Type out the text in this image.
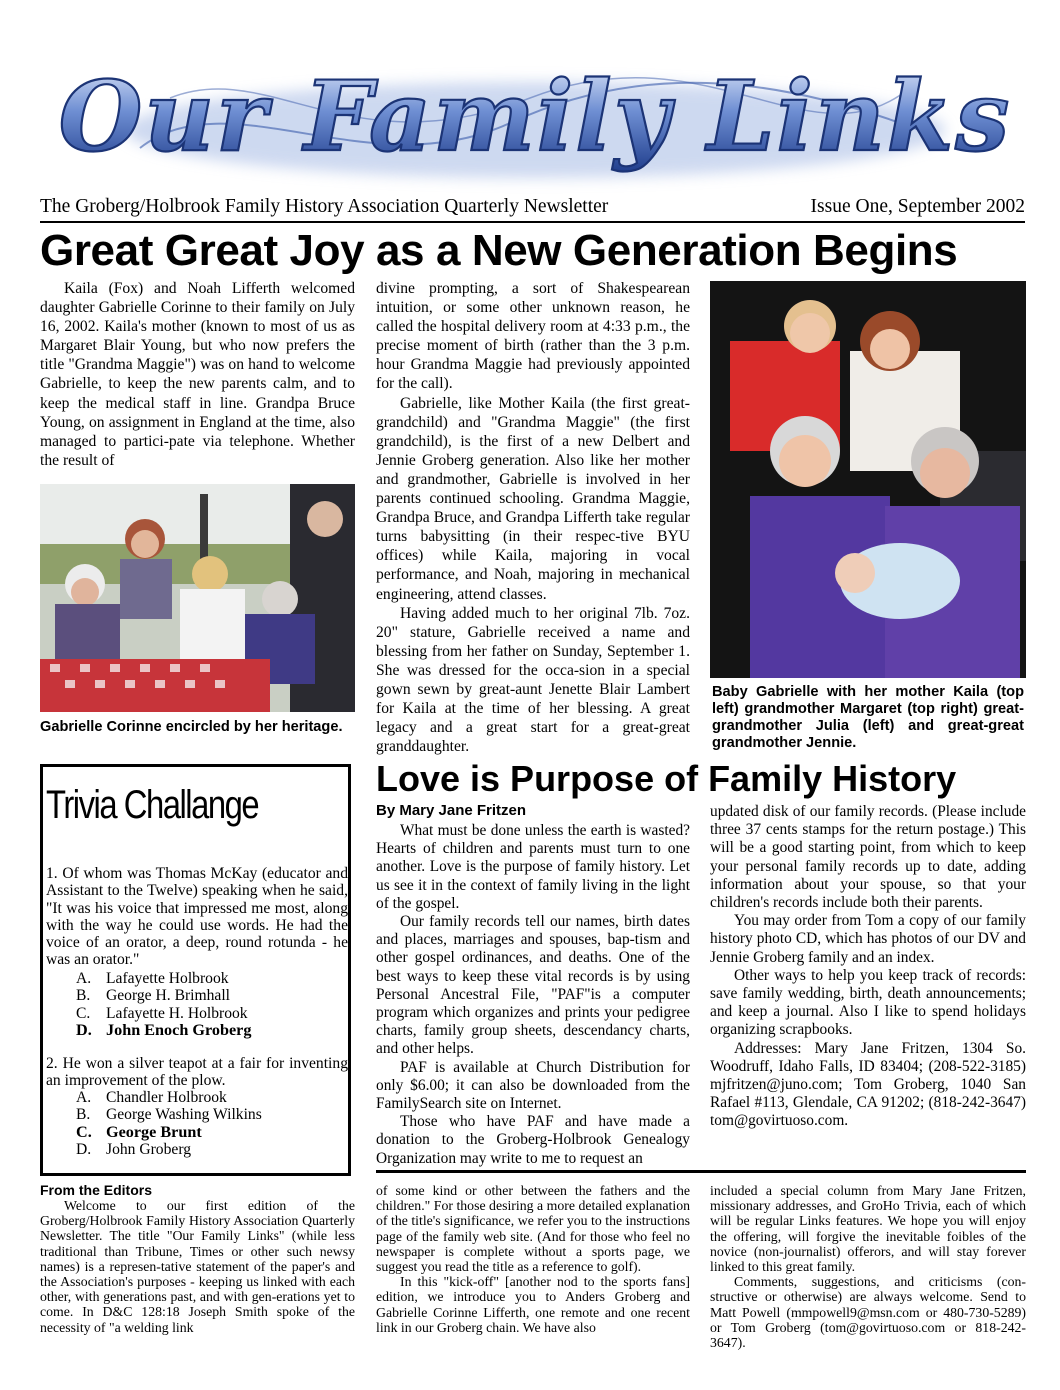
Our Family Links
The Groberg/Holbrook Family History Association Quarterly Newsletter	Issue One, September 2002
Great Great Joy as a New Generation Begins

Kaila (Fox) and Noah Lifferth welcomed daughter Gabrielle Corinne to their family on July 16, 2002. Kaila's mother (known to most of us as Margaret Blair Young, but who now prefers the title "Grandma Maggie") was on hand to welcome Gabrielle, to keep the new parents calm, and to keep the medical staff in line. Grandpa Bruce Young, on assignment in England at the time, also managed to partici-pate via telephone. Whether the result of

divine prompting, a sort of Shakespearean intuition, or some other unknown reason, he called the hospital delivery room at 4:33 p.m., the precise moment of birth (rather than the 3 p.m. hour Grandma Maggie had previously appointed for the call).

Gabrielle, like Mother Kaila (the first great-grandchild) and "Grandma Maggie" (the first grandchild), is the first of a new Delbert and Jennie Groberg generation. Also like her mother and grandmother, Gabrielle is involved in her parents continued schooling. Grandma Maggie, Grandpa Bruce, and Grandpa Lifferth take regular turns babysitting (in their respec-tive BYU offices) while Kaila, majoring in vocal performance, and Noah, majoring in mechanical engineering, attend classes.

Having added much to her original 7lb. 7oz. 20" stature, Gabrielle received a name and blessing from her father on Sunday, September 1. She was dressed for the occa-sion in a special gown sewn by great-aunt Jenette Blair Lambert for Kaila at the time of her blessing. A great legacy and a great start for a great-great granddaughter.

Gabrielle Corinne encircled by her heritage.
Baby Gabrielle with her mother Kaila (top left) grandmother Margaret (top right) great-grandmother Julia (left) and great-great grandmother Jennie.
Trivia Challange
1. Of whom was Thomas McKay (educator and Assistant to the Twelve) speaking when he said, "It was his voice that impressed me most, along with the way he could use words. He had the voice of an orator, a deep, round rotunda - he was an orator."
A. Lafayette Holbrook
B. George H. Brimhall
C. Lafayette H. Holbrook
D. John Enoch Groberg
2. He won a silver teapot at a fair for inventing an improvement of the plow.
A. Chandler Holbrook
B. George Washing Wilkins
C. George Brunt
D. John Groberg
Love is Purpose of Family History
By Mary Jane Fritzen

What must be done unless the earth is wasted? Hearts of children and parents must turn to one another. Love is the purpose of family history. Let us see it in the context of family living in the light of the gospel.

Our family records tell our names, birth dates and places, marriages and spouses, bap-tism and other gospel ordinances, and deaths. One of the best ways to keep these vital records is by using Personal Ancestral File, "PAF"is a computer program which organizes and prints your pedigree charts, family group sheets, descendancy charts, and other helps.

PAF is available at Church Distribution for only $6.00; it can also be downloaded from the FamilySearch site on Internet.

Those who have PAF and have made a donation to the Groberg-Holbrook Genealogy Organization may write to me to request an

updated disk of our family records. (Please include three 37 cents stamps for the return postage.) This will be a good starting point, from which to keep your personal family records up to date, adding information about your spouse, so that your children's records include both their parents.

You may order from Tom a copy of our family history photo CD, which has photos of our DV and Jennie Groberg family and an index.

Other ways to help you keep track of records: save family wedding, birth, death announcements; and keep a journal. Also I like to spend holidays organizing scrapbooks.

Addresses: Mary Jane Fritzen, 1304 So. Woodruff, Idaho Falls, ID 83404; (208-522-3185) mjfritzen@juno.com; Tom Groberg, 1040 San Rafael #113, Glendale, CA 91202; (818-242-3647) tom@govirtuoso.com.

From the Editors

Welcome to our first edition of the Groberg/Holbrook Family History Association Quarterly Newsletter. The title "Our Family Links" (while less traditional than Tribune, Times or other such newsy names) is a represen-tative statement of the paper's and the Association's purposes - keeping us linked with each other, with generations past, and with gen-erations yet to come. In D&C 128:18 Joseph Smith spoke of the necessity of "a welding link

of some kind or other between the fathers and the children." For those desiring a more detailed explanation of the title's significance, we refer you to the instructions page of the family web site. (And for those who feel no newspaper is complete without a sports page, we suggest you read the title as a reference to golf).

In this "kick-off" [another nod to the sports fans] edition, we introduce you to Anders Groberg and Gabrielle Corinne Lifferth, one remote and one recent link in our Groberg chain. We have also

included a special column from Mary Jane Fritzen, missionary addresses, and GroHo Trivia, each of which will be regular Links features. We hope you will enjoy the offering, will forgive the inevitable foibles of the novice (non-journalist) offerors, and will stay forever linked to this great family.

Comments, suggestions, and criticisms (con-structive or otherwise) are always welcome. Send to Matt Powell (mmpowell9@msn.com or 480-730-5289) or Tom Groberg (tom@govirtuoso.com or 818-242-3647).
